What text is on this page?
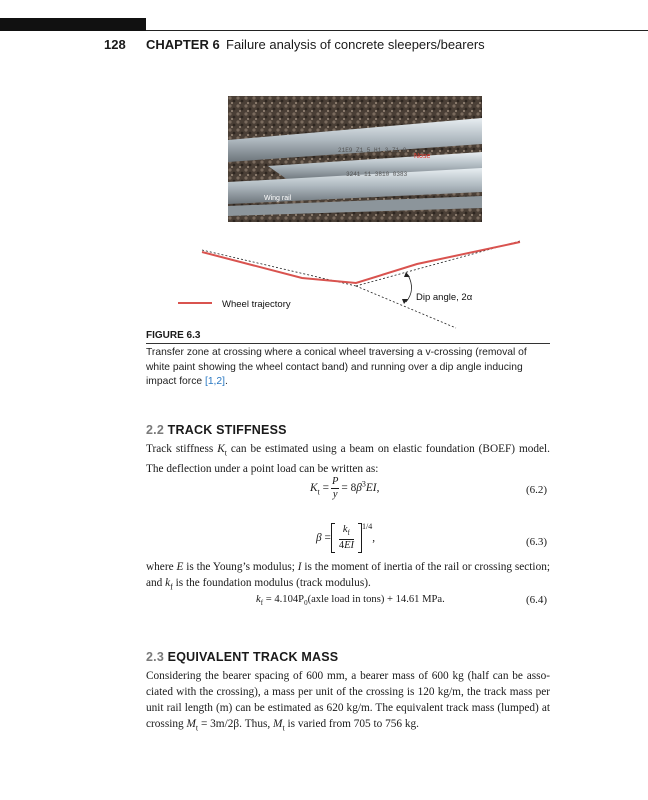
128 CHAPTER 6 Failure analysis of concrete sleepers/bearers
21E9 Z1 5 H1 3 Z1 0
3241 11 3810 0383
Nose
Wing rail
Wheel trajectory
Dip angle, 2α
FIGURE 6.3
Transfer zone at crossing where a conical wheel traversing a v-crossing (removal of white paint showing the wheel contact band) and running over a dip angle inducing impact force [1,2].
2.2 TRACK STIFFNESS
Track stiffness $K_t$ can be estimated using a beam on elastic foundation (BOEF) model. The deflection under a point load can be written as:
$K_t = \frac{P}{y} = 8\beta^3EI$,	(6.2)
$\beta = \frac{k_f}{4EI} ^{1/4}$,	(6.3)
where E is the Young’s modulus; I is the moment of inertia of the rail or crossing section; and $k_f$ is the foundation modulus (track modulus).
$k_f$ = $4.104P_0(axle$ load in tons) + 14.61 MPa.	(6.4)
2.3 EQUIVALENT TRACK MASS
Considering the bearer spacing of 600 mm, a bearer mass of 600 kg (half can be asso-ciated with the crossing), a mass per unit of the crossing is 120 kg/m, the track mass per unit rail length (m) can be estimated as 620 kg/m. The equivalent track mass (lumped) at crossing $M_t = 3m/2\beta$. Thus, $M_t$ is varied from 705 to 756 kg.
